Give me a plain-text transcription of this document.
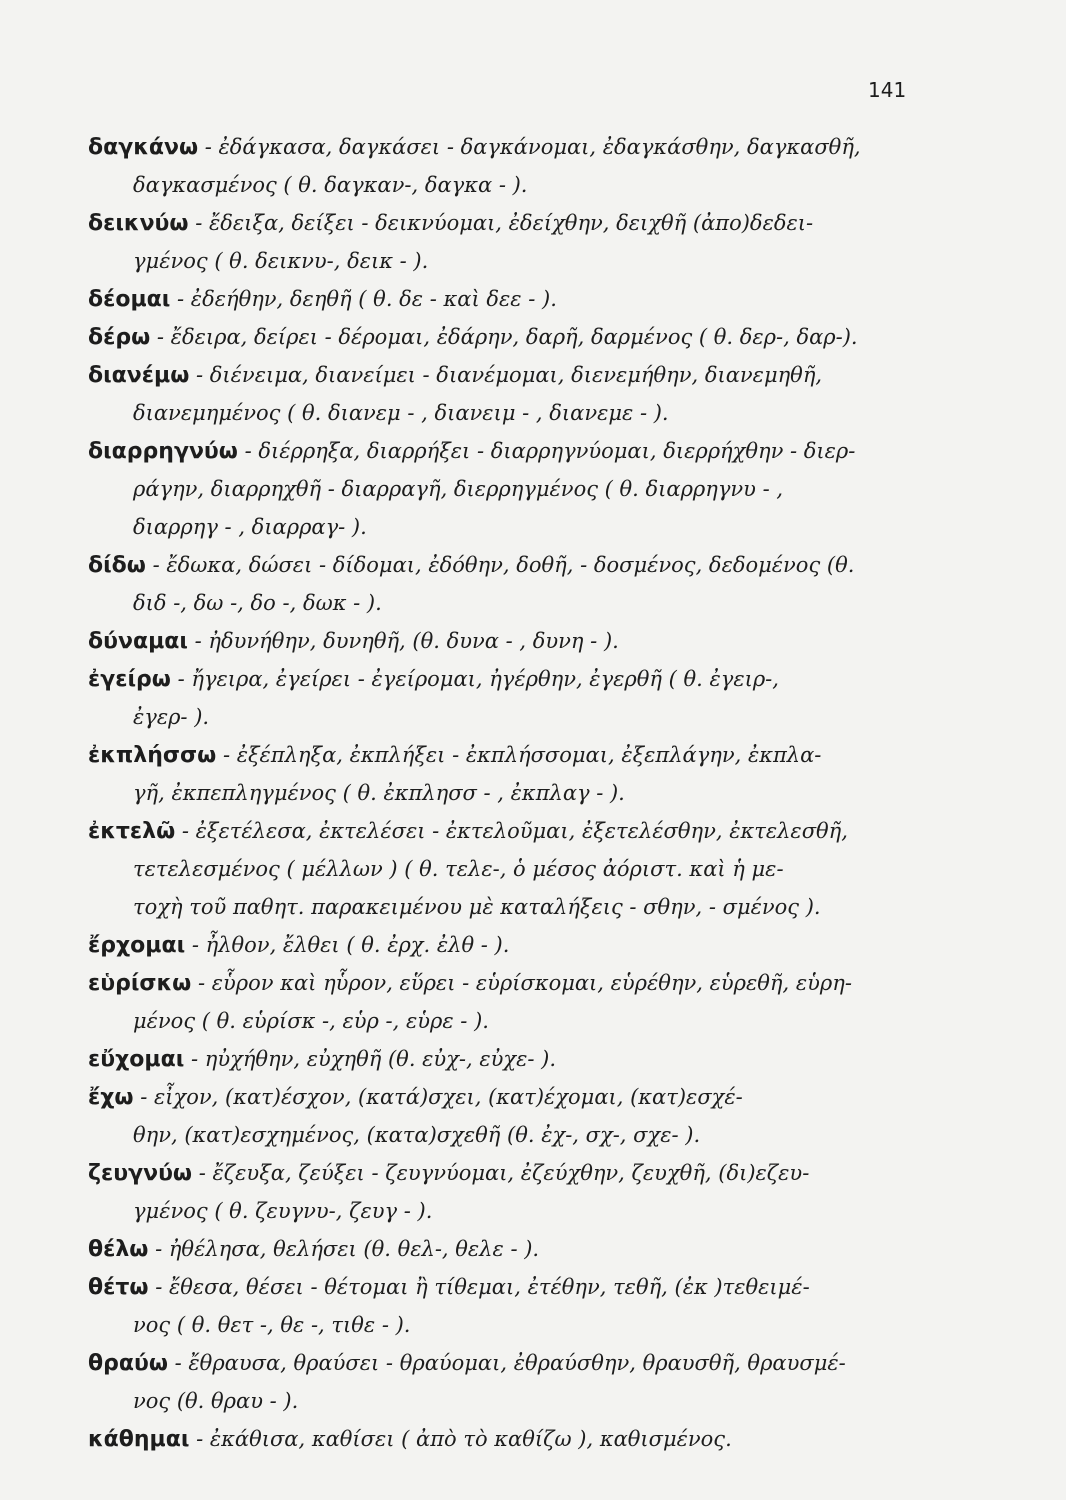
141
δαγκάνω - ἐδάγκασα, δαγκάσει - δαγκάνομαι, ἐδαγκάσθην, δαγκασθῆ,
δαγκασμένος ( θ. δαγκαν-, δαγκα - ).
δεικνύω - ἔδειξα, δείξει - δεικνύομαι, ἐδείχθην, δειχθῆ (ἀπο)δεδει-
γμένος ( θ. δεικνυ-, δεικ - ).
δέομαι - ἐδεήθην, δεηθῆ ( θ. δε - καὶ δεε - ).
δέρω - ἔδειρα, δείρει - δέρομαι, ἐδάρην, δαρῆ, δαρμένος ( θ. δερ-, δαρ-).
διανέμω - διένειμα, διανείμει - διανέμομαι, διενεμήθην, διανεμηθῆ,
διανεμημένος ( θ. διανεμ - , διανειμ - , διανεμε - ).
διαρρηγνύω - διέρρηξα, διαρρήξει - διαρρηγνύομαι, διερρήχθην - διερ-
ράγην, διαρρηχθῆ - διαρραγῆ, διερρηγμένος ( θ. διαρρηγνυ - ,
διαρρηγ - , διαρραγ- ).
δίδω - ἔδωκα, δώσει - δίδομαι, ἐδόθην, δοθῆ, - δοσμένος, δεδομένος (θ.
διδ -, δω -, δο -, δωκ - ).
δύναμαι - ἠδυνήθην, δυνηθῆ, (θ. δυνα - , δυνη - ).
ἐγείρω - ἤγειρα, ἐγείρει - ἐγείρομαι, ἠγέρθην, ἐγερθῆ ( θ. ἐγειρ-,
ἐγερ- ).
ἐκπλήσσω - ἐξέπληξα, ἐκπλήξει - ἐκπλήσσομαι, ἐξεπλάγην, ἐκπλα-
γῆ, ἐκπεπληγμένος ( θ. ἐκπλησσ - , ἐκπλαγ - ).
ἐκτελῶ - ἐξετέλεσα, ἐκτελέσει - ἐκτελοῦμαι, ἐξετελέσθην, ἐκτελεσθῆ,
τετελεσμένος ( μέλλων ) ( θ. τελε-, ὁ μέσος ἀόριστ. καὶ ἡ με-
τοχὴ τοῦ παθητ. παρακειμένου μὲ καταλήξεις - σθην, - σμένος ).
ἔρχομαι - ἦλθον, ἔλθει ( θ. ἐρχ. ἐλθ - ).
εὑρίσκω - εὗρον καὶ ηὗρον, εὕρει - εὑρίσκομαι, εὑρέθην, εὑρεθῆ, εὑρη-
μένος ( θ. εὑρίσκ -, εὑρ -, εὑρε - ).
εὔχομαι - ηὐχήθην, εὐχηθῆ (θ. εὐχ-, εὐχε- ).
ἔχω - εἶχον, (κατ)έσχον, (κατά)σχει, (κατ)έχομαι, (κατ)εσχέ-
θην, (κατ)εσχημένος, (κατα)σχεθῆ (θ. ἐχ-, σχ-, σχε- ).
ζευγνύω - ἔζευξα, ζεύξει - ζευγνύομαι, ἐζεύχθην, ζευχθῆ, (δι)εζευ-
γμένος ( θ. ζευγνυ-, ζευγ - ).
θέλω - ἠθέλησα, θελήσει (θ. θελ-, θελε - ).
θέτω - ἔθεσα, θέσει - θέτομαι ἢ τίθεμαι, ἐτέθην, τεθῆ, (ἐκ )τεθειμέ-
νος ( θ. θετ -, θε -, τιθε - ).
θραύω - ἔθραυσα, θραύσει - θραύομαι, ἐθραύσθην, θραυσθῆ, θραυσμέ-
νος (θ. θραυ - ).
κάθημαι - ἐκάθισα, καθίσει ( ἀπὸ τὸ καθίζω ), καθισμένος.
